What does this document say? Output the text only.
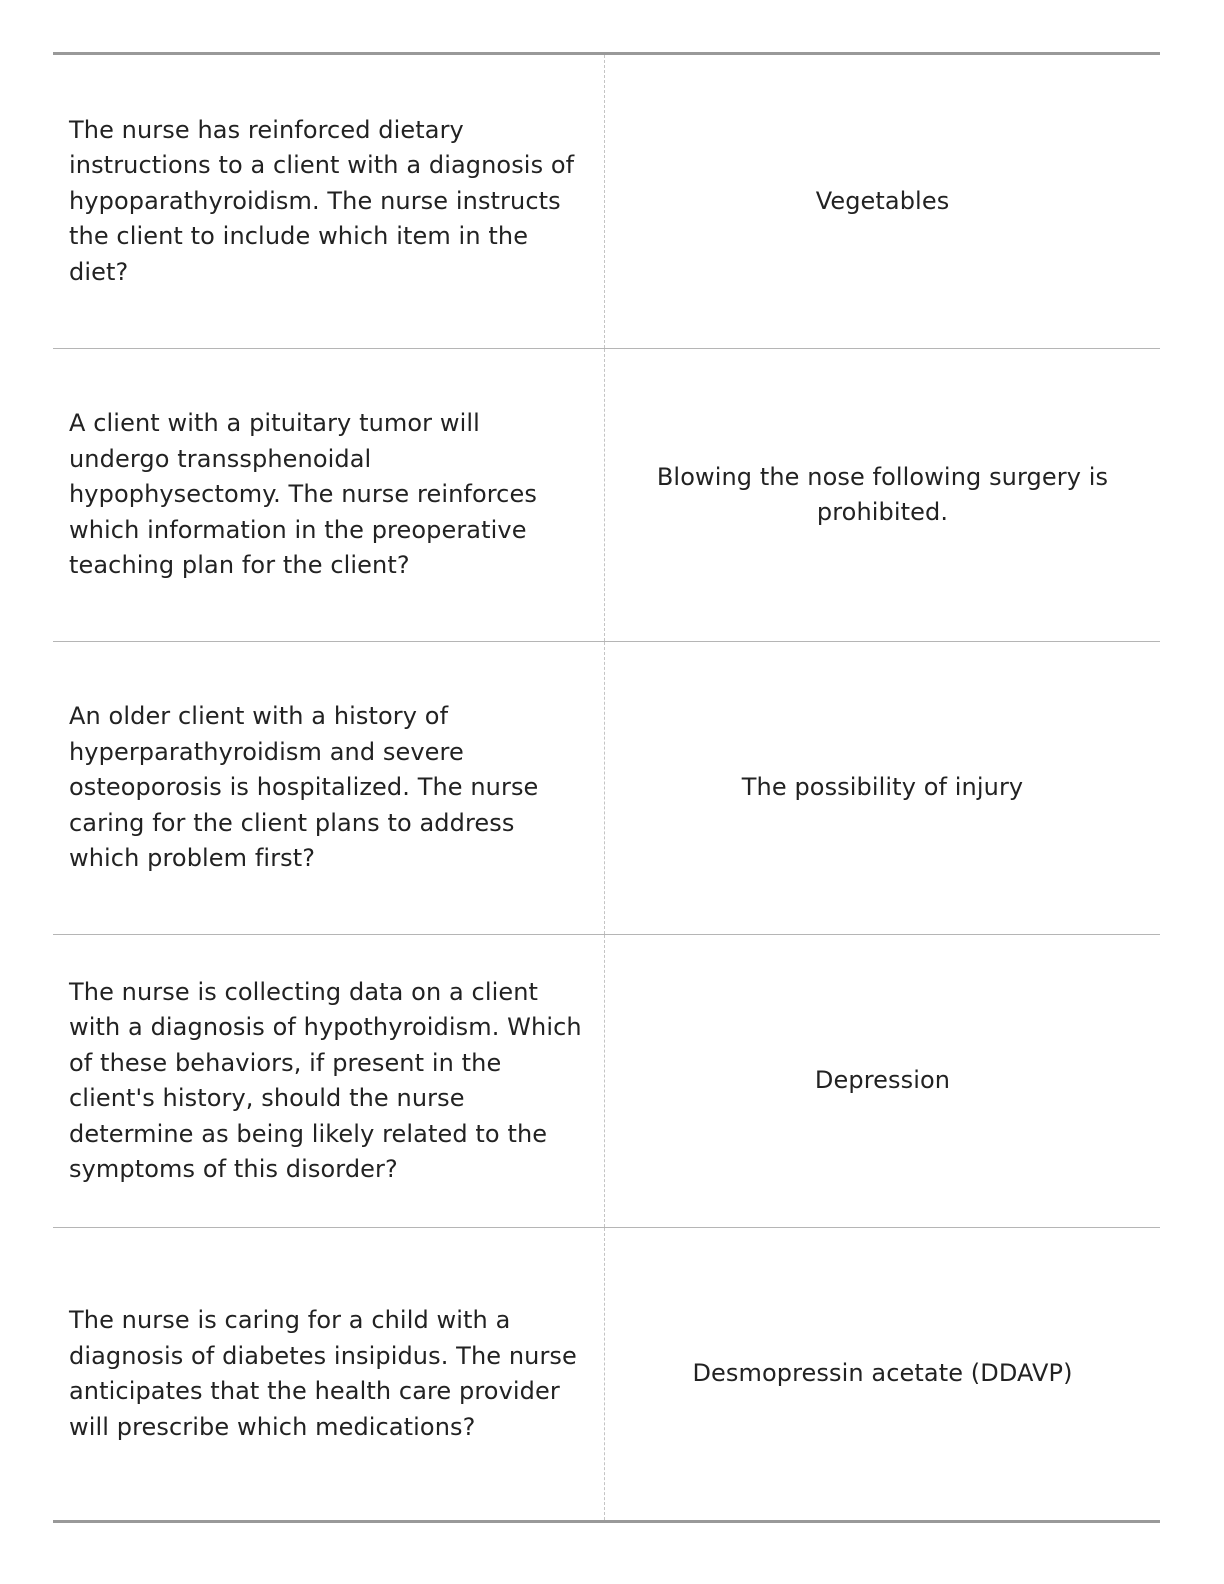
The nurse has reinforced dietary instructions to a client with a diagnosis of hypoparathyroidism. The nurse instructs the client to include which item in the diet?
Vegetables
A client with a pituitary tumor will undergo transsphenoidal hypophysectomy. The nurse reinforces which information in the preoperative teaching plan for the client?
Blowing the nose following surgery is prohibited.
An older client with a history of hyperparathyroidism and severe osteoporosis is hospitalized. The nurse caring for the client plans to address which problem first?
The possibility of injury
The nurse is collecting data on a client with a diagnosis of hypothyroidism. Which of these behaviors, if present in the client's history, should the nurse determine as being likely related to the symptoms of this disorder?
Depression
The nurse is caring for a child with a diagnosis of diabetes insipidus. The nurse anticipates that the health care provider will prescribe which medications?
Desmopressin acetate (DDAVP)
